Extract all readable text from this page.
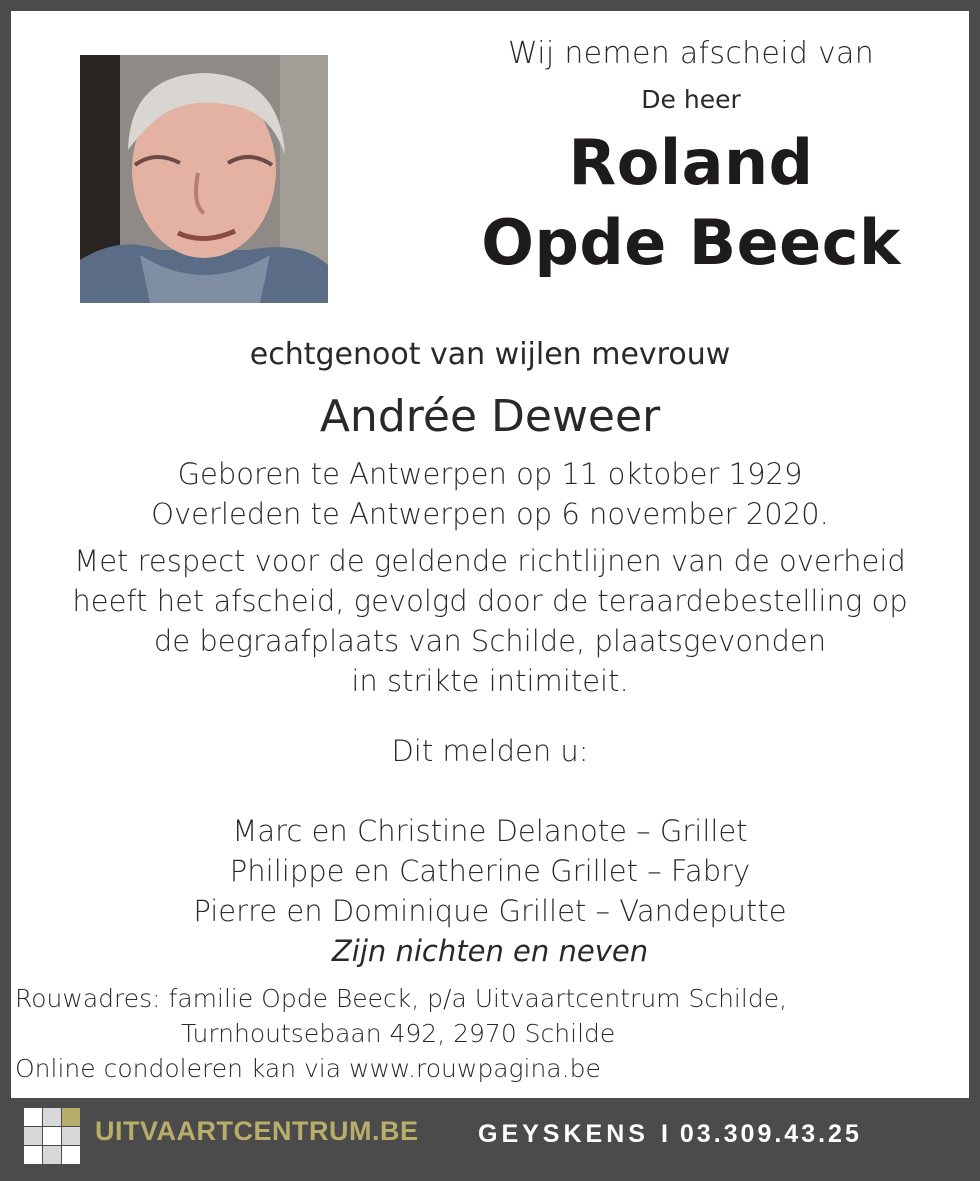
Wij nemen afscheid van
De heer
Roland
Opde Beeck
echtgenoot van wijlen mevrouw
Andrée Deweer
Geboren te Antwerpen op 11 oktober 1929
Overleden te Antwerpen op 6 november 2020.
Met respect voor de geldende richtlijnen van de overheid
heeft het afscheid, gevolgd door de teraardebestelling op
de begraafplaats van Schilde, plaatsgevonden
in strikte intimiteit.
Dit melden u:
Marc en Christine Delanote – Grillet
Philippe en Catherine Grillet – Fabry
Pierre en Dominique Grillet – Vandeputte
Zijn nichten en neven
Rouwadres: familie Opde Beeck, p/a Uitvaartcentrum Schilde,
Turnhoutsebaan 492, 2970 Schilde
Online condoleren kan via www.rouwpagina.be
UITVAARTCENTRUM.BE GEYSKENS I 03.309.43.25
